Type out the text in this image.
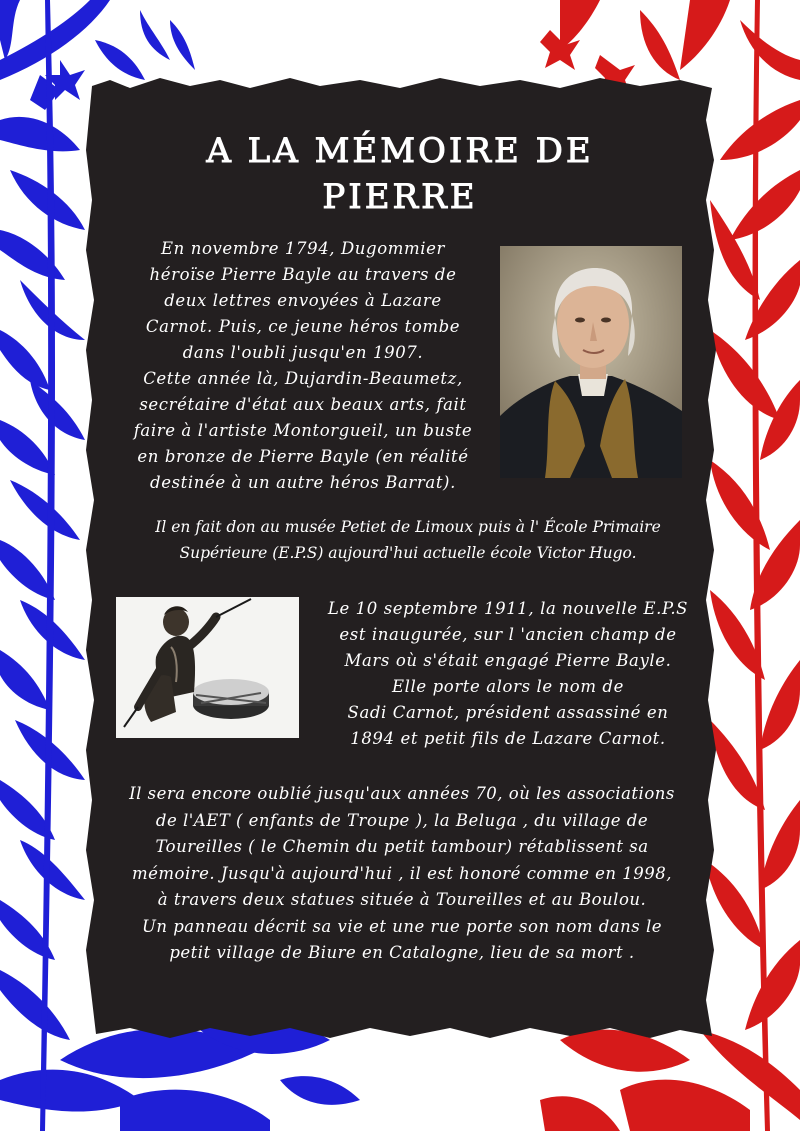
A LA MÉMOIRE DE
PIERRE
En novembre 1794, Dugommier
héroïse Pierre Bayle au travers de
deux lettres envoyées à Lazare
Carnot. Puis, ce jeune héros tombe
dans l'oubli jusqu'en 1907.
Cette année là, Dujardin-Beaumetz,
secrétaire d'état aux beaux arts, fait
faire à l'artiste Montorgueil, un buste
en bronze de Pierre Bayle (en réalité
destinée à un autre héros Barrat).
Il en fait don au musée Petiet de Limoux puis à l' École Primaire
Supérieure (E.P.S) aujourd'hui actuelle école Victor Hugo.
Le 10 septembre 1911, la nouvelle E.P.S
est inaugurée, sur l 'ancien champ de
Mars où s'était engagé Pierre Bayle.
Elle porte alors le nom de
Sadi Carnot, président assassiné en
1894 et petit fils de Lazare Carnot.
Il sera encore oublié jusqu'aux années 70, où les associations
de l'AET ( enfants de Troupe ), la Beluga , du village de
Toureilles ( le Chemin du petit tambour) rétablissent sa
mémoire. Jusqu'à aujourd'hui , il est honoré comme en 1998,
à travers deux statues située à Toureilles et au Boulou.
Un panneau décrit sa vie et une rue porte son nom dans le
petit village de Biure en Catalogne, lieu de sa mort .
